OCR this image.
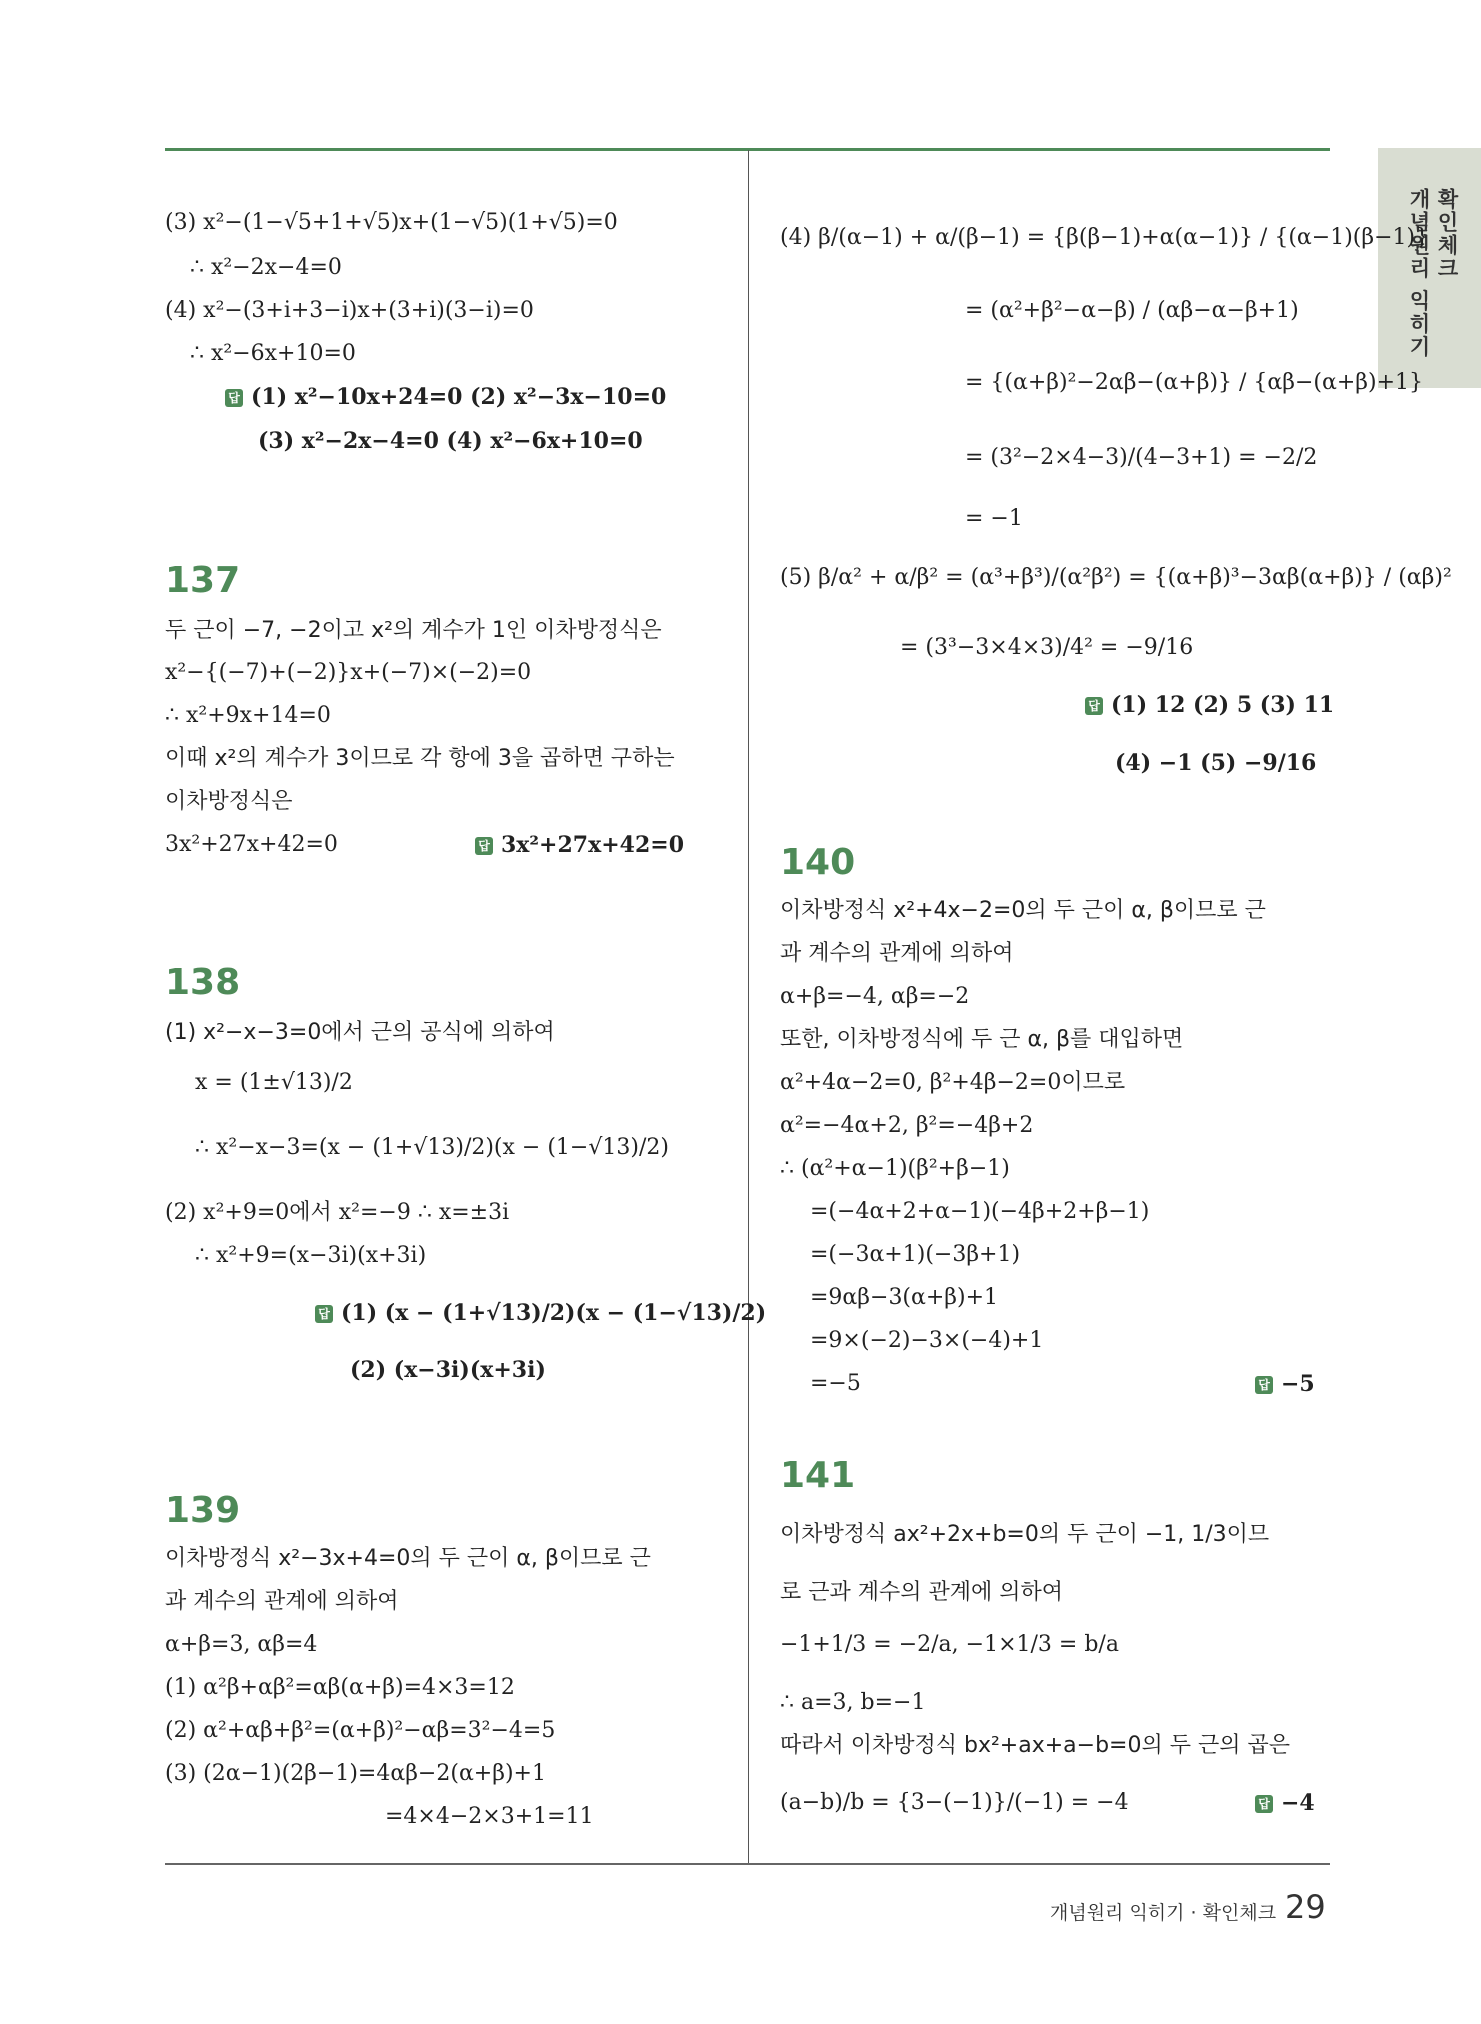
확인체크
개념원리 익히기
(3) x²−(1−√5+1+√5)x+(1−√5)(1+√5)=0
∴ x²−2x−4=0
(4) x²−(3+i+3−i)x+(3+i)(3−i)=0
∴ x²−6x+10=0
답 (1) x²−10x+24=0 (2) x²−3x−10=0
(3) x²−2x−4=0 (4) x²−6x+10=0
137
두 근이 −7, −2이고 x²의 계수가 1인 이차방정식은
x²−{(−7)+(−2)}x+(−7)×(−2)=0
∴ x²+9x+14=0
이때 x²의 계수가 3이므로 각 항에 3을 곱하면 구하는
이차방정식은
3x²+27x+42=0	답 3x²+27x+42=0
138
(1) x²−x−3=0에서 근의 공식에 의하여
x = (1±√13)/2
∴ x²−x−3=(x − (1+√13)/2)(x − (1−√13)/2)
(2) x²+9=0에서 x²=−9 ∴ x=±3i
∴ x²+9=(x−3i)(x+3i)
답 (1) (x − (1+√13)/2)(x − (1−√13)/2)
(2) (x−3i)(x+3i)
139
이차방정식 x²−3x+4=0의 두 근이 α, β이므로 근
과 계수의 관계에 의하여
α+β=3, αβ=4
(1) α²β+αβ²=αβ(α+β)=4×3=12
(2) α²+αβ+β²=(α+β)²−αβ=3²−4=5
(3) (2α−1)(2β−1)=4αβ−2(α+β)+1
=4×4−2×3+1=11
(4) β/(α−1) + α/(β−1) = {β(β−1)+α(α−1)} / {(α−1)(β−1)}
= (α²+β²−α−β) / (αβ−α−β+1)
= {(α+β)²−2αβ−(α+β)} / {αβ−(α+β)+1}
= (3²−2×4−3)/(4−3+1) = −2/2
= −1
(5) β/α² + α/β² = (α³+β³)/(α²β²) = {(α+β)³−3αβ(α+β)} / (αβ)²
= (3³−3×4×3)/4² = −9/16
답 (1) 12 (2) 5 (3) 11
(4) −1 (5) −9/16
140
이차방정식 x²+4x−2=0의 두 근이 α, β이므로 근
과 계수의 관계에 의하여
α+β=−4, αβ=−2
또한, 이차방정식에 두 근 α, β를 대입하면
α²+4α−2=0, β²+4β−2=0이므로
α²=−4α+2, β²=−4β+2
∴ (α²+α−1)(β²+β−1)
=(−4α+2+α−1)(−4β+2+β−1)
=(−3α+1)(−3β+1)
=9αβ−3(α+β)+1
=9×(−2)−3×(−4)+1
=−5	답 −5
141
이차방정식 ax²+2x+b=0의 두 근이 −1, 1/3이므
로 근과 계수의 관계에 의하여
−1+1/3 = −2/a, −1×1/3 = b/a
∴ a=3, b=−1
따라서 이차방정식 bx²+ax+a−b=0의 두 근의 곱은
(a−b)/b = {3−(−1)}/(−1) = −4	답 −4
개념원리 익히기 · 확인체크 29
